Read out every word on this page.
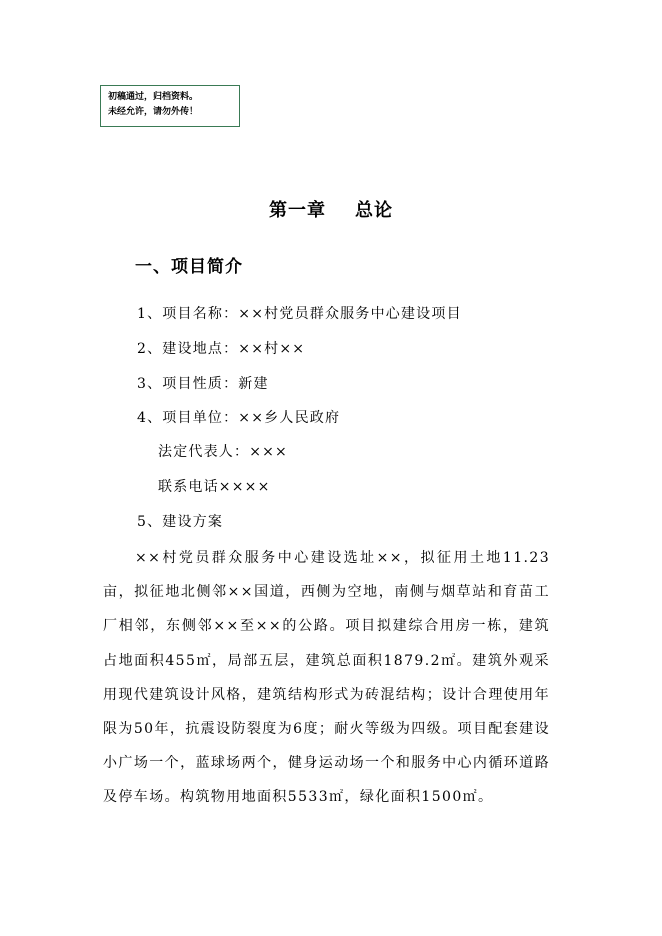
初稿通过，归档资料。
未经允许，请勿外传！
第一章    总论
一、项目简介
1、项目名称：××村党员群众服务中心建设项目
2、建设地点：××村××
3、项目性质：新建
4、项目单位：××乡人民政府
法定代表人：×××
联系电话××××
5、建设方案
××村党员群众服务中心建设选址××，拟征用土地11.23亩，拟征地北侧邻××国道，西侧为空地，南侧与烟草站和育苗工厂相邻，东侧邻××至××的公路。项目拟建综合用房一栋，建筑占地面积455㎡，局部五层，建筑总面积1879.2㎡。建筑外观采用现代建筑设计风格，建筑结构形式为砖混结构；设计合理使用年限为50年，抗震设防裂度为6度；耐火等级为四级。项目配套建设小广场一个，蓝球场两个，健身运动场一个和服务中心内循环道路及停车场。构筑物用地面积5533㎡，绿化面积1500㎡。
